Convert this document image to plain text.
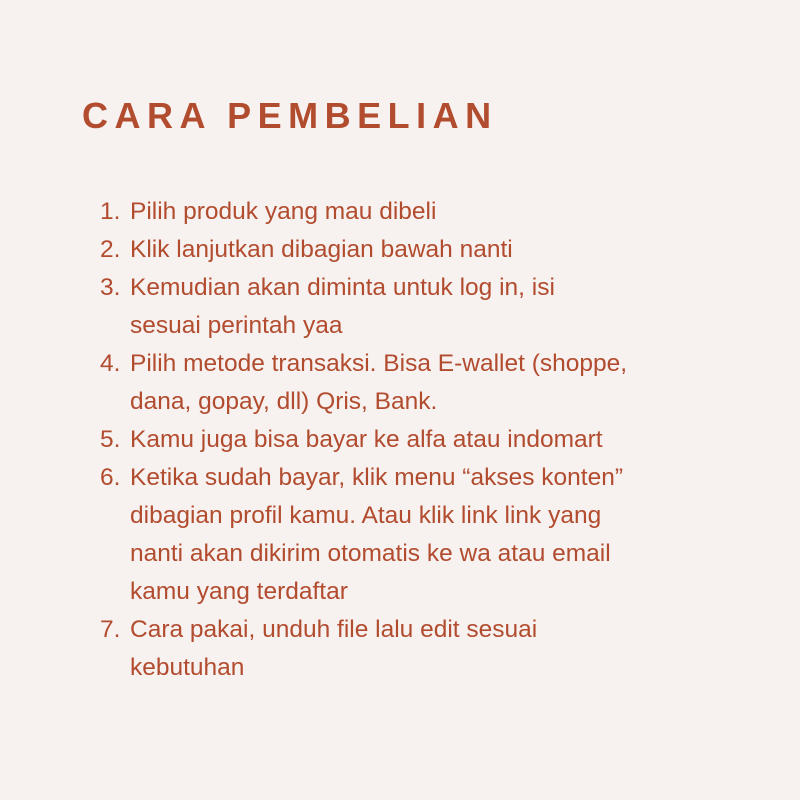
CARA PEMBELIAN
1. Pilih produk yang mau dibeli
2. Klik lanjutkan dibagian bawah nanti
3. Kemudian akan diminta untuk log in, isi
sesuai perintah yaa
4. Pilih metode transaksi. Bisa E-wallet (shoppe,
dana, gopay, dll) Qris, Bank.
5. Kamu juga bisa bayar ke alfa atau indomart
6. Ketika sudah bayar, klik menu “akses konten”
dibagian profil kamu. Atau klik link link yang
nanti akan dikirim otomatis ke wa atau email
kamu yang terdaftar
7. Cara pakai, unduh file lalu edit sesuai
kebutuhan
